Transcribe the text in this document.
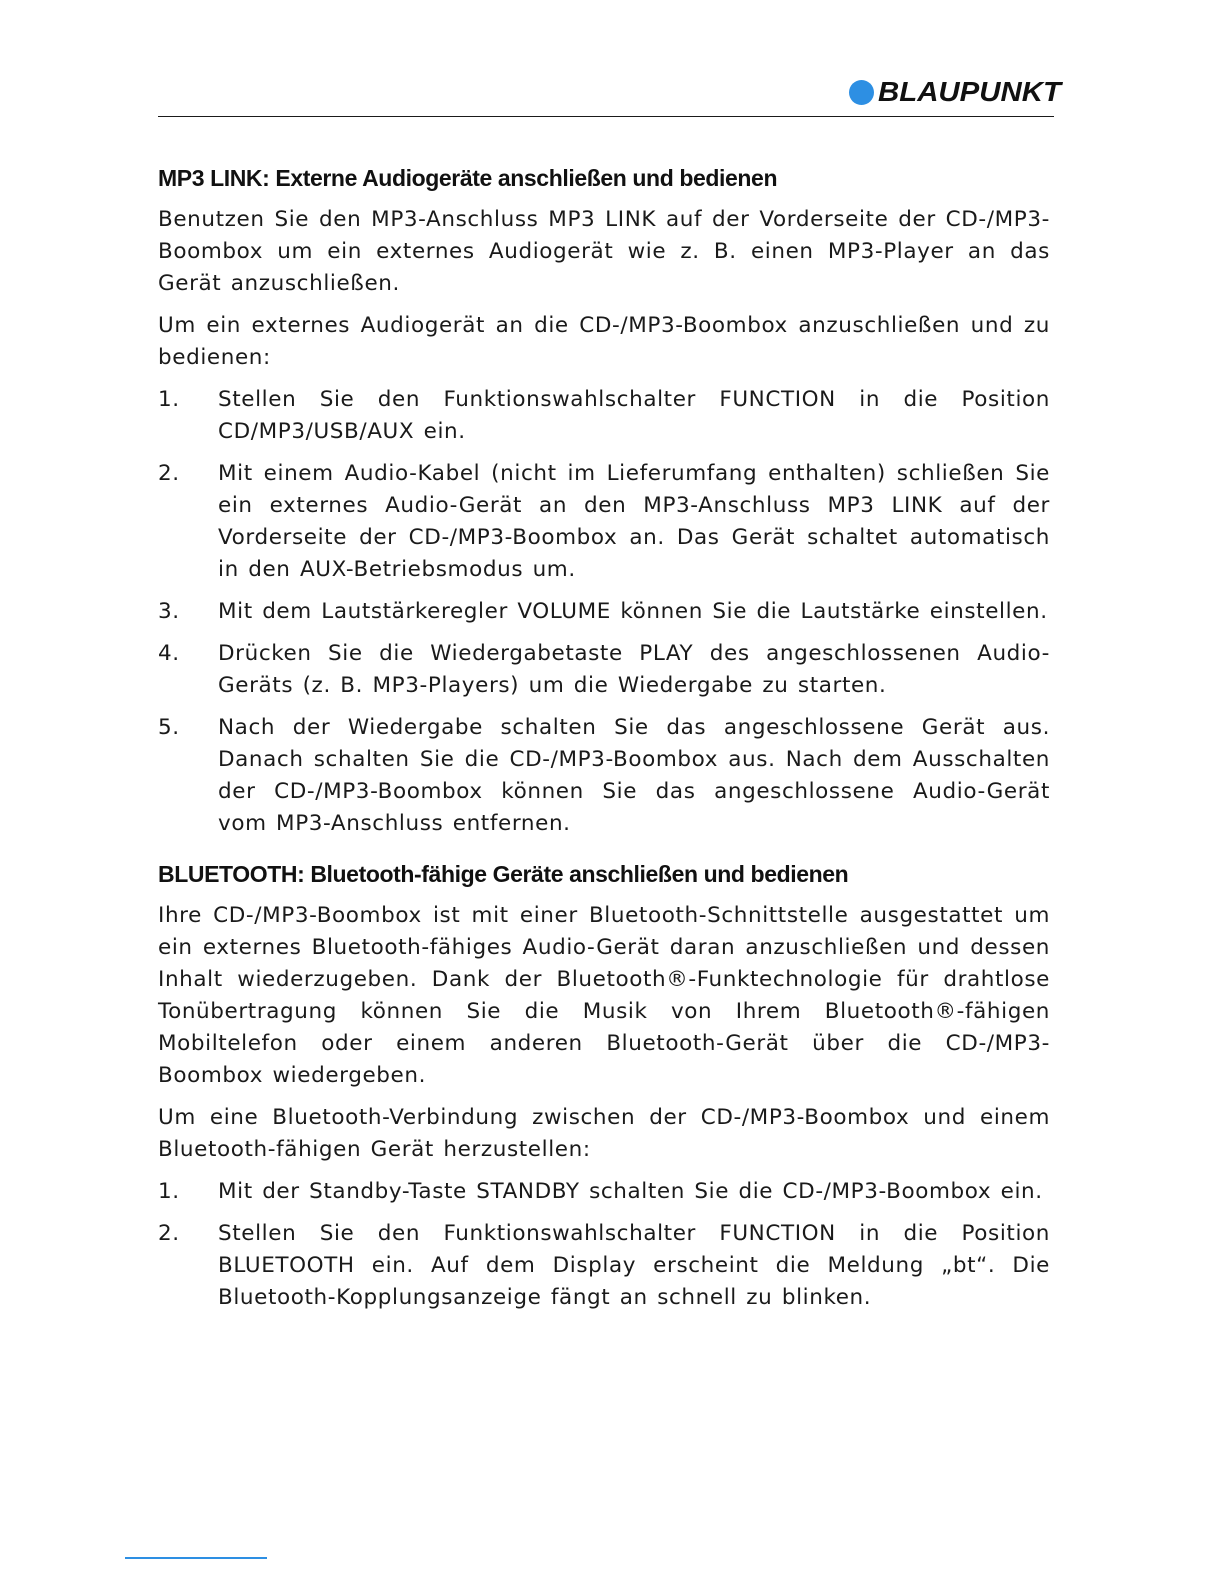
BLAUPUNKT
MP3 LINK: Externe Audiogeräte anschließen und bedienen

Benutzen Sie den MP3-Anschluss MP3 LINK auf der Vorderseite der CD-/MP3- Boombox um ein externes Audiogerät wie z. B. einen MP3-Player an das Gerät anzuschließen.

Um ein externes Audiogerät an die CD-/MP3-Boombox anzuschließen und zu bedienen:

1.	Stellen Sie den Funktionswahlschalter FUNCTION in die Position CD/MP3/USB/AUX ein.
2.	Mit einem Audio-Kabel (nicht im Lieferumfang enthalten) schließen Sie ein externes Audio-Gerät an den MP3-Anschluss MP3 LINK auf der Vorderseite der CD-/MP3-Boombox an. Das Gerät schaltet automatisch in den AUX-Betriebsmodus um.
3.	Mit dem Lautstärkeregler VOLUME können Sie die Lautstärke einstellen.
4.	Drücken Sie die Wiedergabetaste PLAY des angeschlossenen Audio-Geräts (z. B. MP3-Players) um die Wiedergabe zu starten.
5.	Nach der Wiedergabe schalten Sie das angeschlossene Gerät aus. Danach schalten Sie die CD-/MP3-Boombox aus. Nach dem Ausschalten der CD-/MP3-Boombox können Sie das angeschlossene Audio-Gerät vom MP3-Anschluss entfernen.
BLUETOOTH: Bluetooth-fähige Geräte anschließen und bedienen

Ihre CD-/MP3-Boombox ist mit einer Bluetooth-Schnittstelle ausgestattet um ein externes Bluetooth-fähiges Audio-Gerät daran anzuschließen und dessen Inhalt wiederzugeben. Dank der Bluetooth®-Funktechnologie für drahtlose Tonübertragung können Sie die Musik von Ihrem Bluetooth®-fähigen Mobiltelefon oder einem anderen Bluetooth-Gerät über die CD-/MP3-Boombox wiedergeben.

Um eine Bluetooth-Verbindung zwischen der CD-/MP3-Boombox und einem Bluetooth-fähigen Gerät herzustellen:

1.	Mit der Standby-Taste STANDBY schalten Sie die CD-/MP3-Boombox ein.
2.	Stellen Sie den Funktionswahlschalter FUNCTION in die Position BLUETOOTH ein. Auf dem Display erscheint die Meldung „bt“. Die Bluetooth-Kopplungsanzeige fängt an schnell zu blinken.
